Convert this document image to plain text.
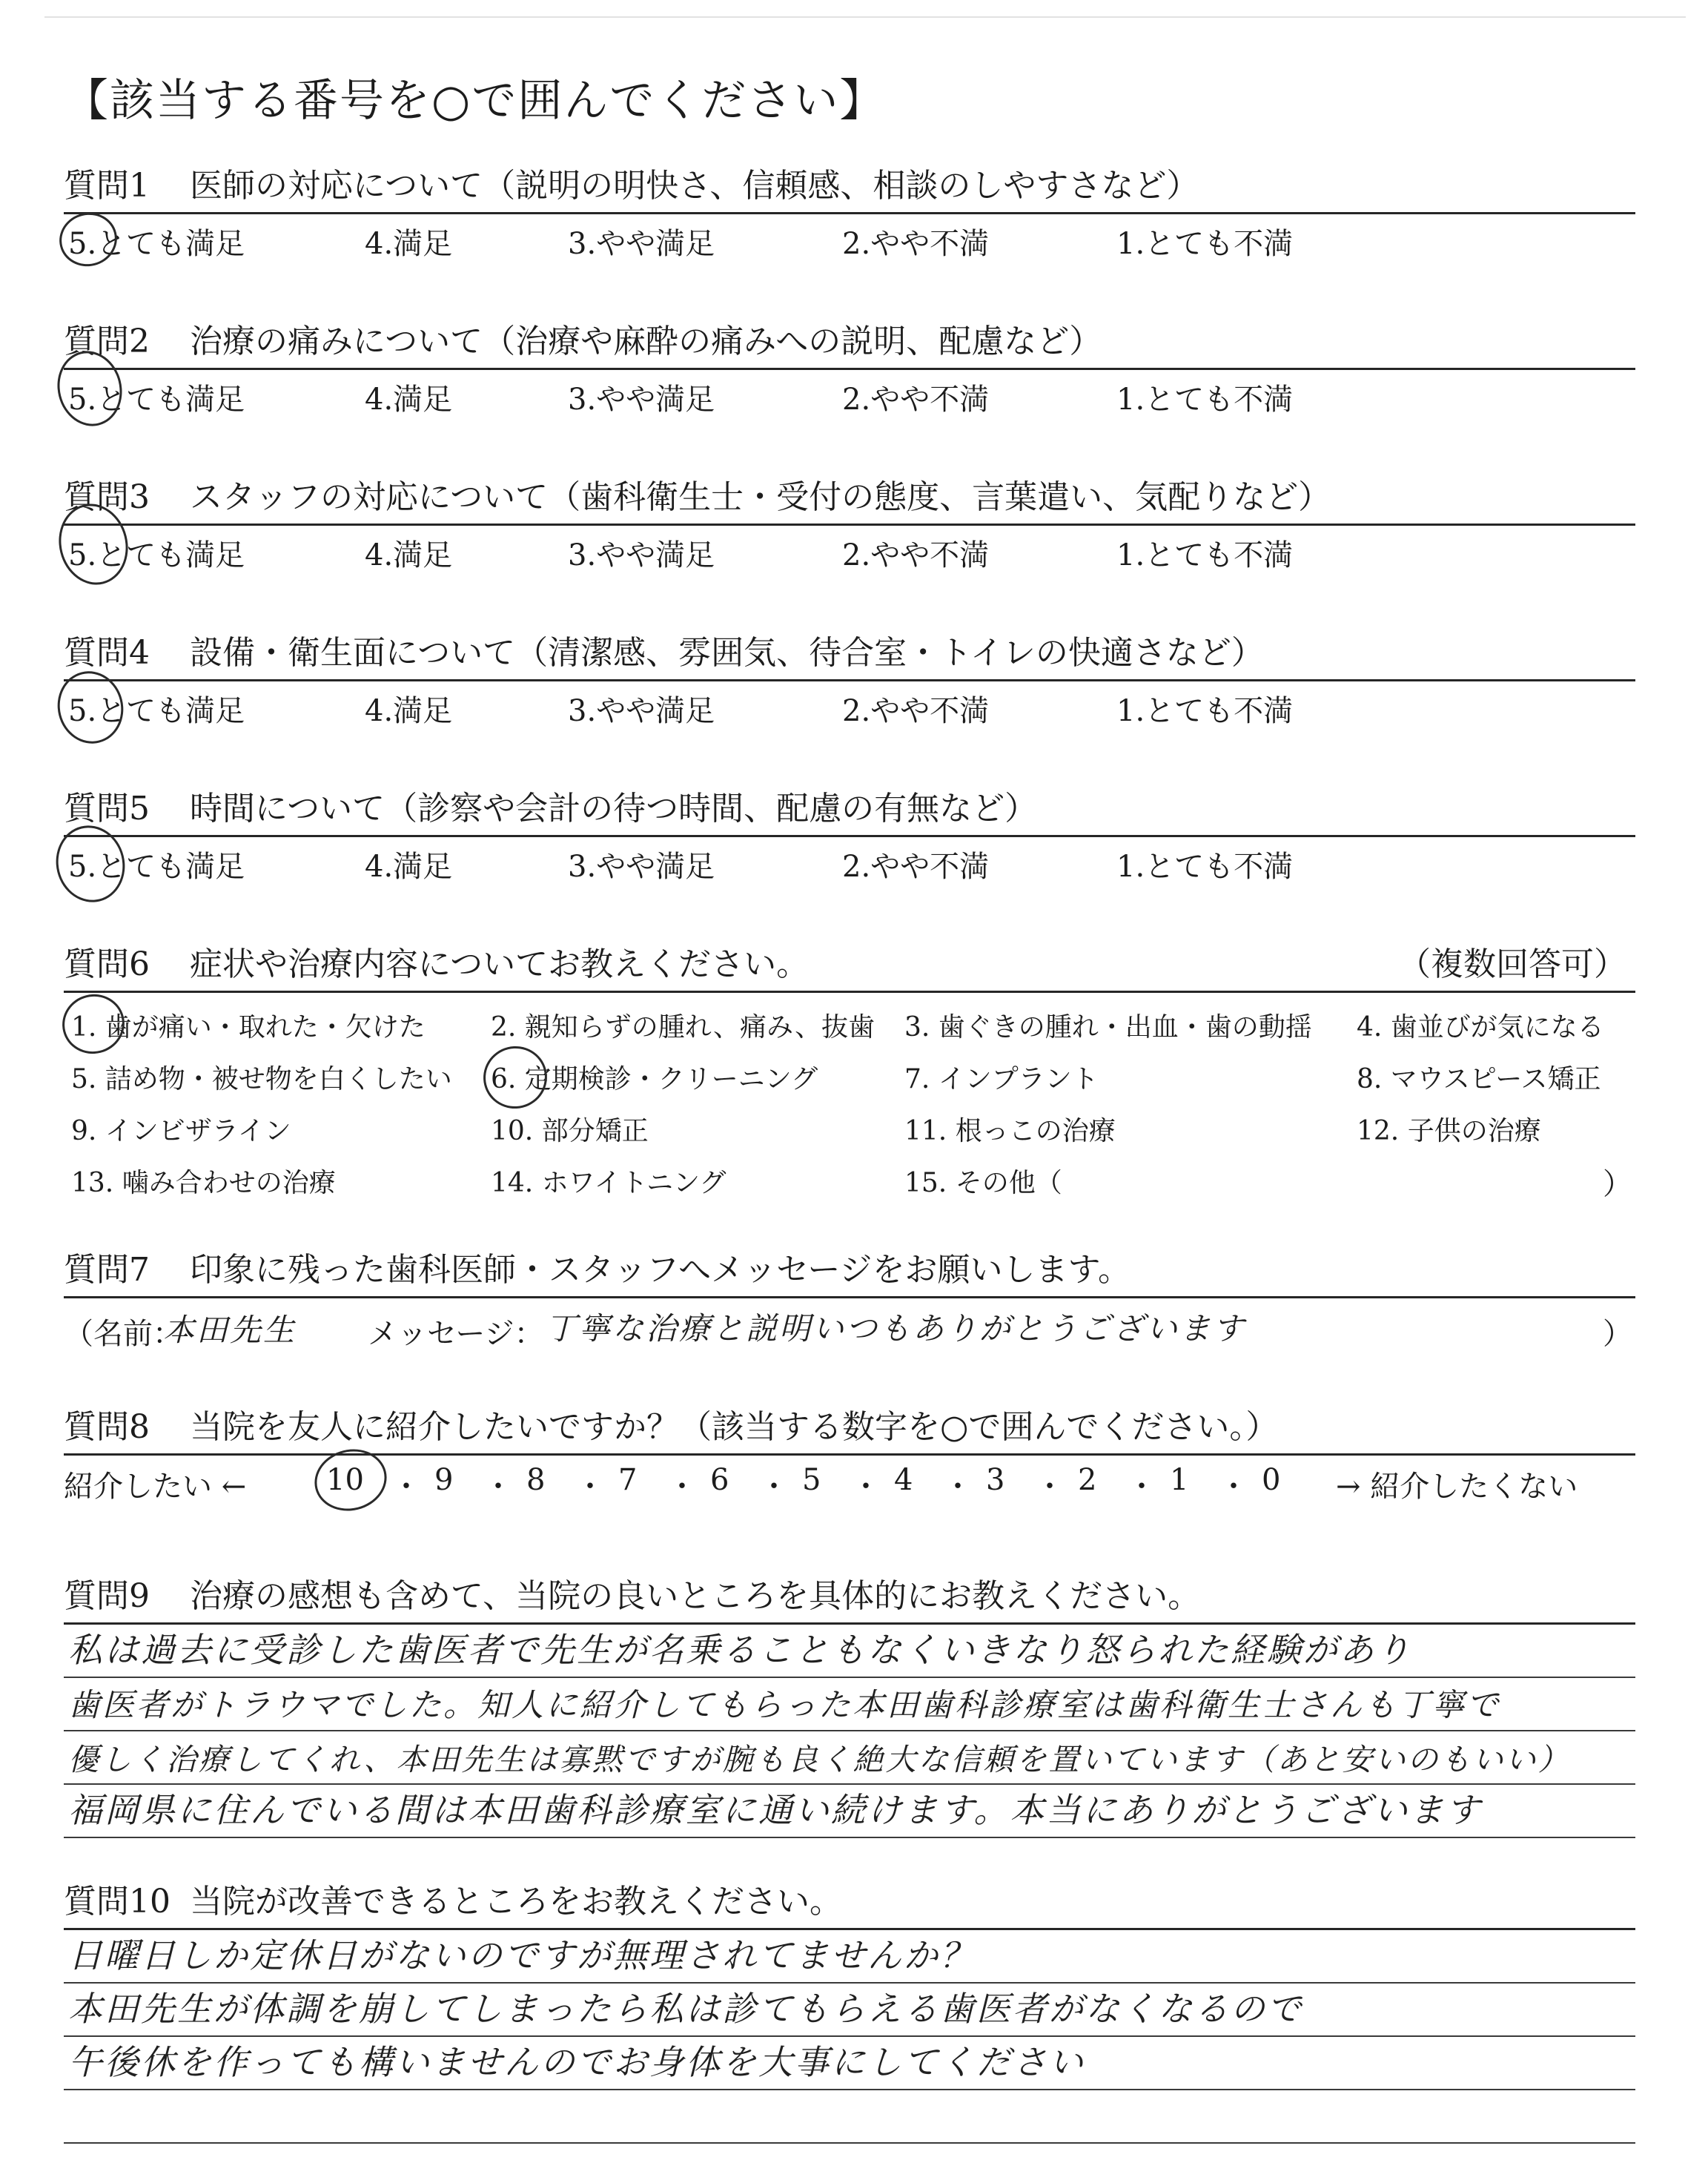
【該当する番号を○で囲んでください】
質問1 医師の対応について（説明の明快さ、信頼感、相談のしやすさなど）
5.とても満足	4.満足	3.やや満足	2.やや不満	1.とても不満
質問2 治療の痛みについて（治療や麻酔の痛みへの説明、配慮など）
5.とても満足	4.満足	3.やや満足	2.やや不満	1.とても不満
質問3 スタッフの対応について（歯科衛生士・受付の態度、言葉遣い、気配りなど）
5.とても満足	4.満足	3.やや満足	2.やや不満	1.とても不満
質問4 設備・衛生面について（清潔感、雰囲気、待合室・トイレの快適さなど）
5.とても満足	4.満足	3.やや満足	2.やや不満	1.とても不満
質問5 時間について（診察や会計の待つ時間、配慮の有無など）
5.とても満足	4.満足	3.やや満足	2.やや不満	1.とても不満
質問6 症状や治療内容についてお教えください。	（複数回答可）
1. 歯が痛い・取れた・欠けた 2. 親知らずの腫れ、痛み、抜歯 3. 歯ぐきの腫れ・出血・歯の動揺 4. 歯並びが気になる
5. 詰め物・被せ物を白くしたい 6. 定期検診・クリーニング	7. インプラント	8. マウスピース矯正
9. インビザライン	10. 部分矯正	11. 根っこの治療	12. 子供の治療
13. 噛み合わせの治療	14. ホワイトニング	15. その他（	）
質問7 印象に残った歯科医師・スタッフへメッセージをお願いします。
（名前：
本田先生 メッセージ： 丁寧な治療と説明いつもありがとうございます	）
質問8 当院を友人に紹介したいですか？（該当する数字を○で囲んでください。）
紹介したい ←	10 ・ 9 ・ 8 ・ 7 ・ 6 ・ 5 ・ 4 ・ 3 ・ 2 ・ 1 ・ 0 → 紹介したくない
質問9 治療の感想も含めて、当院の良いところを具体的にお教えください。
私は過去に受診した歯医者で先生が名乗ることもなくいきなり怒られた経験があり
歯医者がトラウマでした。知人に紹介してもらった本田歯科診療室は歯科衛生士さんも丁寧で
優しく治療してくれ、本田先生は寡黙ですが腕も良く絶大な信頼を置いています（あと安いのもいい）
福岡県に住んでいる間は本田歯科診療室に通い続けます。本当にありがとうございます
質問10 当院が改善できるところをお教えください。
日曜日しか定休日がないのですが無理されてませんか？
本田先生が体調を崩してしまったら私は診てもらえる歯医者がなくなるので
午後休を作っても構いませんのでお身体を大事にしてください
